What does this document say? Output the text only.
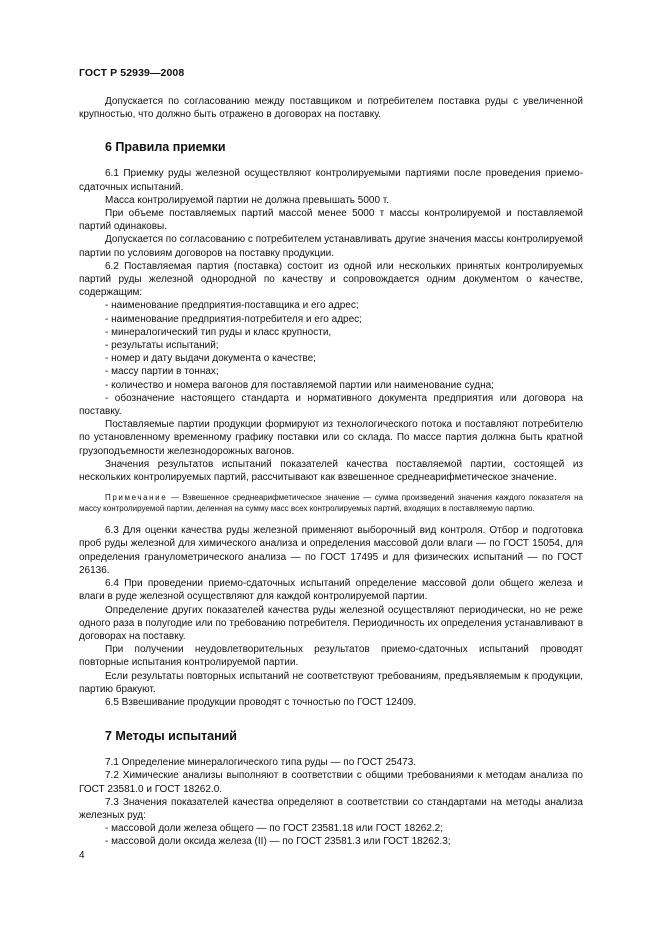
ГОСТ Р 52939—2008

Допускается по согласованию между поставщиком и потребителем поставка руды с увеличенной крупностью, что должно быть отражено в договорах на поставку.

6 Правила приемки

6.1 Приемку руды железной осуществляют контролируемыми партиями после проведения приемо-сдаточных испытаний.

Масса контролируемой партии не должна превышать 5000 т.

При объеме поставляемых партий массой менее 5000 т массы контролируемой и поставляемой партий одинаковы.

Допускается по согласованию с потребителем устанавливать другие значения массы контролируемой партии по условиям договоров на поставку продукции.

6.2 Поставляемая партия (поставка) состоит из одной или нескольких принятых контролируемых партий руды железной однородной по качеству и сопровождается одним документом о качестве, содержащим:

- наименование предприятия-поставщика и его адрес;

- наименование предприятия-потребителя и его адрес;

- минералогический тип руды и класс крупности,

- результаты испытаний;

- номер и дату выдачи документа о качестве;

- массу партии в тоннах;

- количество и номера вагонов для поставляемой партии или наименование судна;

- обозначение настоящего стандарта и нормативного документа предприятия или договора на поставку.

Поставляемые партии продукции формируют из технологического потока и поставляют потребителю по установленному временному графику поставки или со склада. По массе партия должна быть кратной грузоподъемности железнодорожных вагонов.

Значения результатов испытаний показателей качества поставляемой партии, состоящей из нескольких контролируемых партий, рассчитывают как взвешенное среднеарифметическое значение.

Примечание — Взвешенное среднеарифметическое значение — сумма произведений значения каждого показателя на массу контролируемой партии, деленная на сумму масс всех контролируемых партий, входящих в поставляемую партию.

6.3 Для оценки качества руды железной применяют выборочный вид контроля. Отбор и подготовка проб руды железной для химического анализа и определения массовой доли влаги — по ГОСТ 15054, для определения гранулометрического анализа — по ГОСТ 17495 и для физических испытаний — по ГОСТ 26136.

6.4 При проведении приемо-сдаточных испытаний определение массовой доли общего железа и влаги в руде железной осуществляют для каждой контролируемой партии.

Определение других показателей качества руды железной осуществляют периодически, но не реже одного раза в полугодие или по требованию потребителя. Периодичность их определения устанавливают в договорах на поставку.

При получении неудовлетворительных результатов приемо-сдаточных испытаний проводят повторные испытания контролируемой партии.

Если результаты повторных испытаний не соответствуют требованиям, предъявляемым к продукции, партию бракуют.

6.5 Взвешивание продукции проводят с точностью по ГОСТ 12409.

7 Методы испытаний

7.1 Определение минералогического типа руды — по ГОСТ 25473.

7.2 Химические анализы выполняют в соответствии с общими требованиями к методам анализа по ГОСТ 23581.0 и ГОСТ 18262.0.

7.3 Значения показателей качества определяют в соответствии со стандартами на методы анализа железных руд:

- массовой доли железа общего — по ГОСТ 23581.18 или ГОСТ 18262.2;

- массовой доли оксида железа (II) — по ГОСТ 23581.3 или ГОСТ 18262.3;

4
